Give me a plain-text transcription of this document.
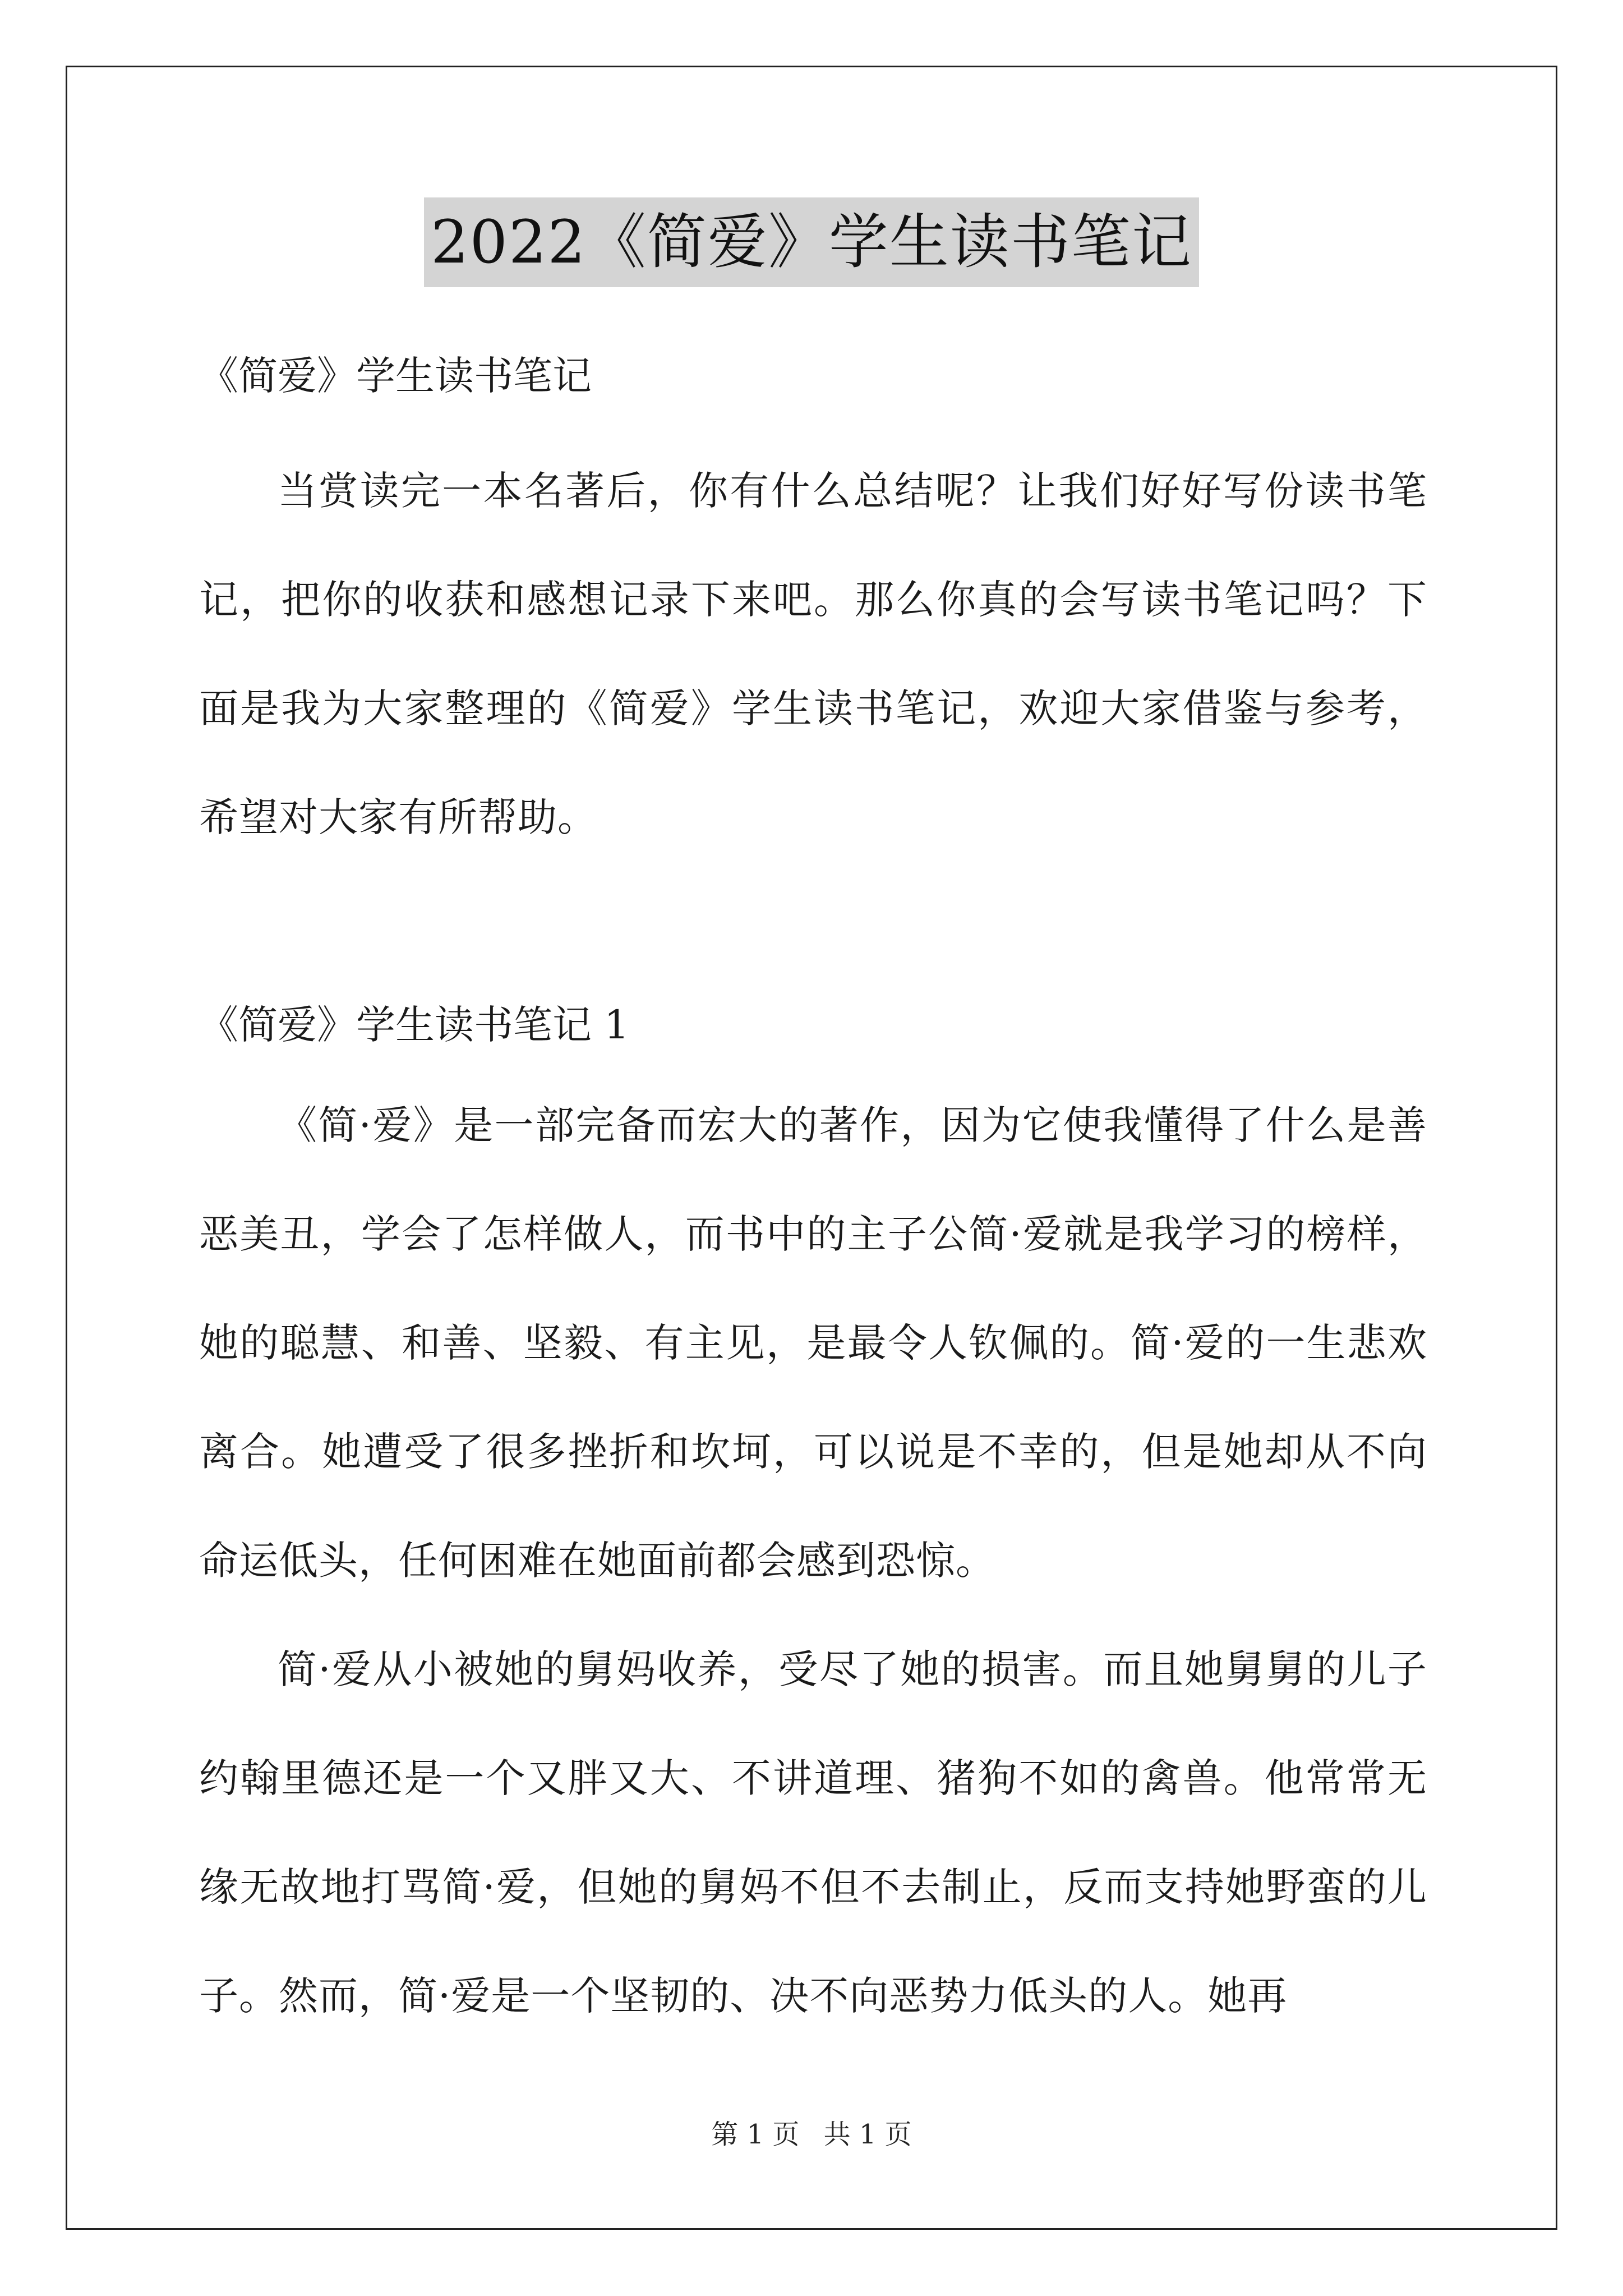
2022《简爱》学生读书笔记
《简爱》学生读书笔记

当赏读完一本名著后，你有什么总结呢？让我们好好写份读书笔记，把你的收获和感想记录下来吧。那么你真的会写读书笔记吗？下面是我为大家整理的《简爱》学生读书笔记，欢迎大家借鉴与参考，希望对大家有所帮助。

《简爱》学生读书笔记 1

《简·爱》是一部完备而宏大的著作，因为它使我懂得了什么是善恶美丑，学会了怎样做人，而书中的主子公简·爱就是我学习的榜样，她的聪慧、和善、坚毅、有主见，是最令人钦佩的。简·爱的一生悲欢离合。她遭受了很多挫折和坎坷，可以说是不幸的，但是她却从不向命运低头，任何困难在她面前都会感到恐惊。

简·爱从小被她的舅妈收养，受尽了她的损害。而且她舅舅的儿子约翰里德还是一个又胖又大、不讲道理、猪狗不如的禽兽。他常常无缘无故地打骂简·爱，但她的舅妈不但不去制止，反而支持她野蛮的儿子。然而，简·爱是一个坚韧的、决不向恶势力低头的人。她再

第 1 页 共 1 页
